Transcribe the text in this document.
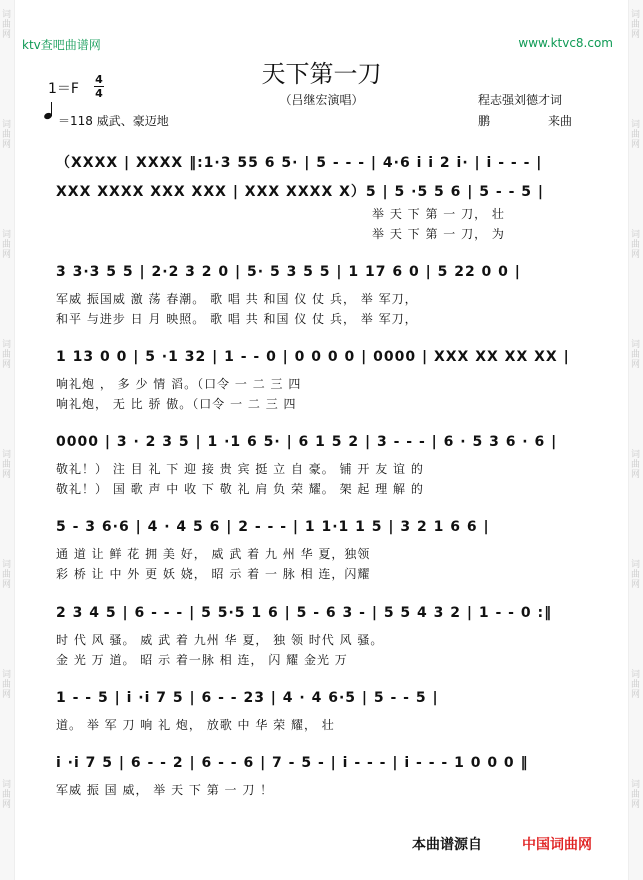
词曲网
词曲网
词曲网
词曲网
词曲网
词曲网
词曲网
词曲网
词曲网
词曲网
词曲网
词曲网
词曲网
词曲网
词曲网
词曲网
ktv查吧曲谱网	www.ktvc8.com
天下第一刀
（吕继宏演唱）
1＝F
4
4
＝118 威武、豪迈地
程志强刘德才词
鹏	来曲
（XXXX | XXXX ‖:1·3 55 6 5· | 5 - - - | 4·6 i i 2 i· | i - - - |
XXX XXXX XXX XXX | XXX XXXX X）5 | 5 ·5 5 6 | 5 - - 5 |
举 天 下 第 一 刀， 壮
举 天 下 第 一 刀， 为
3 3·3 5 5 | 2·2 3 2 0 | 5· 5 3 5 5 | 1 17 6 0 | 5 22 0 0 |
军威 振国威 激 荡 春潮。 歌 唱 共 和国 仪 仗 兵， 举 军刀，
和平 与进步 日 月 映照。 歌 唱 共 和国 仪 仗 兵， 举 军刀，
1 13 0 0 | 5 ·1 32 | 1 - - 0 | 0 0 0 0 | 0000 | XXX XX XX XX |
响礼炮 ， 多 少 情 滔。（口令 一 二 三 四
响礼炮， 无 比 骄 傲。（口令 一 二 三 四
0000 | 3 · 2 3 5 | 1 ·1 6 5· | 6 1 5 2 | 3 - - - | 6 · 5 3 6 · 6 |
敬礼！） 注 目 礼 下 迎 接 贵 宾 挺 立 自 豪。 铺 开 友 谊 的
敬礼！） 国 歌 声 中 收 下 敬 礼 肩 负 荣 耀。 架 起 理 解 的
5 - 3 6·6 | 4 · 4 5 6 | 2 - - - | 1 1·1 1 5 | 3 2 1 6 6 |
通 道 让 鲜 花 拥 美 好， 威 武 着 九 州 华 夏，独领
彩 桥 让 中 外 更 妖 娆， 昭 示 着 一 脉 相 连，闪耀
2 3 4 5 | 6 - - - | 5 5·5 1 6 | 5 - 6 3 - | 5 5 4 3 2 | 1 - - 0 :‖
时 代 风 骚。 威 武 着 九州 华 夏， 独 领 时代 风 骚。
金 光 万 道。 昭 示 着一脉 相 连， 闪 耀 金光 万
1 - - 5 | i ·i 7 5 | 6 - - 23 | 4 · 4 6·5 | 5 - - 5 |
道。 举 军 刀 响 礼 炮， 放歌 中 华 荣 耀， 壮
i ·i 7 5 | 6 - - 2 | 6 - - 6 | 7 - 5 - | i - - - | i - - - 1 0 0 0 ‖
军威 振 国 威， 举 天 下 第 一 刀 ！
本曲谱源自	中国词曲网
